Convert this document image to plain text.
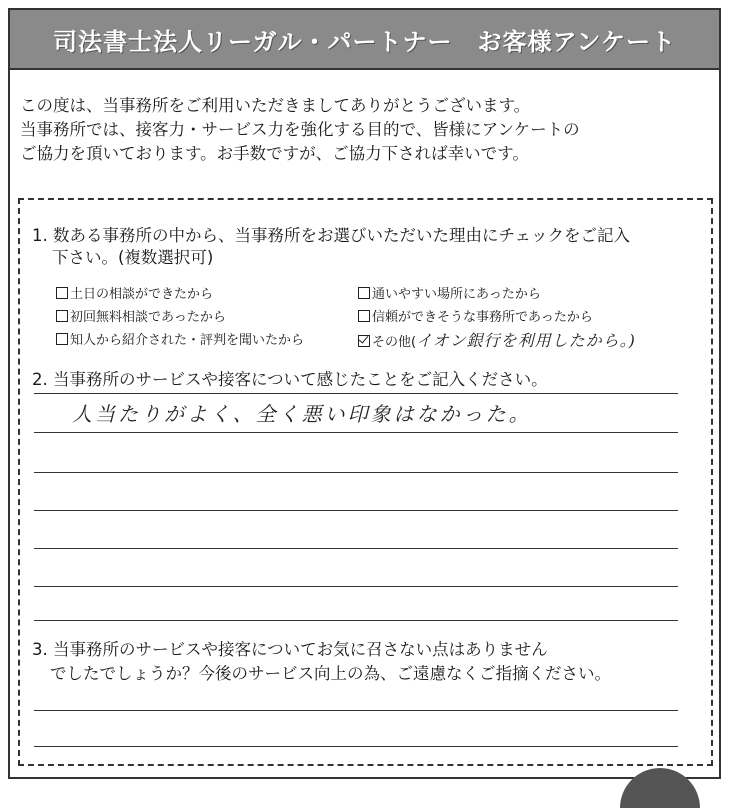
司法書士法人リーガル・パートナー　お客様アンケート
この度は、当事務所をご利用いただきましてありがとうございます。
当事務所では、接客力・サービス力を強化する目的で、皆様にアンケートの
ご協力を頂いております。お手数ですが、ご協力下されば幸いです。
1. 数ある事務所の中から、当事務所をお選びいただいた理由にチェックをご記入
下さい。(複数選択可)
土日の相談ができたから
初回無料相談であったから
知人から紹介された・評判を聞いたから
通いやすい場所にあったから
信頼ができそうな事務所であったから
その他(イオン銀行を利用したから。)
2. 当事務所のサービスや接客について感じたことをご記入ください。
人当たりがよく、全く悪い印象はなかった。
3. 当事務所のサービスや接客についてお気に召さない点はありません
でしたでしょうか？今後のサービス向上の為、ご遠慮なくご指摘ください。
